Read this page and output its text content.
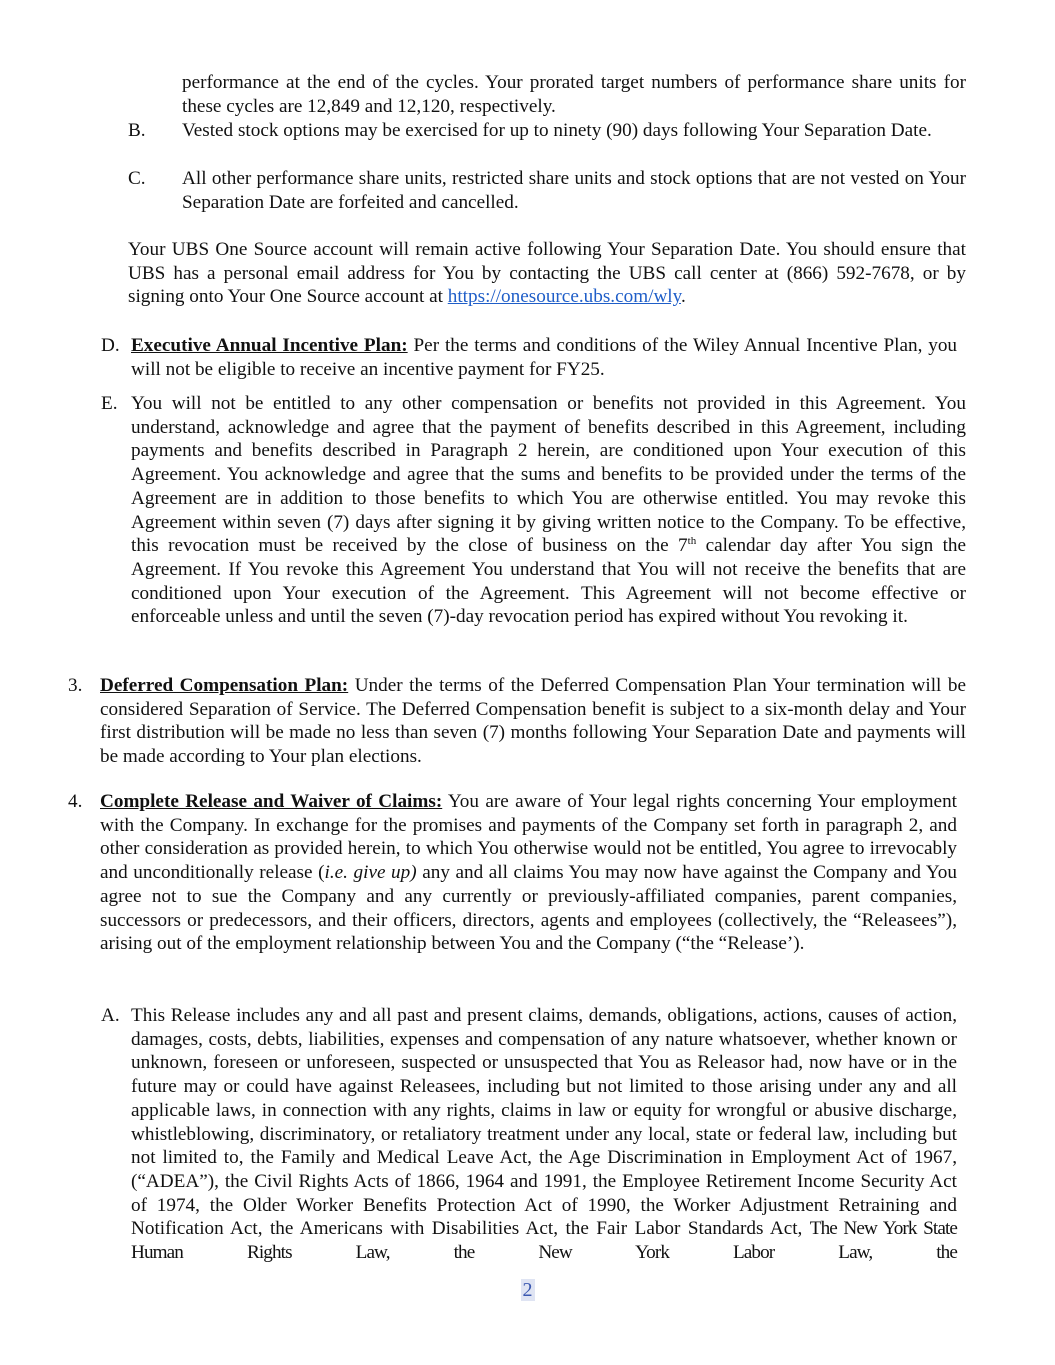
performance at the end of the cycles. Your prorated target numbers of performance share units for these cycles are 12,849 and 12,120, respectively.

B. Vested stock options may be exercised for up to ninety (90) days following Your Separation Date.

C. All other performance share units, restricted share units and stock options that are not vested on Your Separation Date are forfeited and cancelled.

Your UBS One Source account will remain active following Your Separation Date. You should ensure that UBS has a personal email address for You by contacting the UBS call center at (866) 592-7678, or by signing onto Your One Source account at https://onesource.ubs.com/wly.

D. Executive Annual Incentive Plan: Per the terms and conditions of the Wiley Annual Incentive Plan, you will not be eligible to receive an incentive payment for FY25.

E. You will not be entitled to any other compensation or benefits not provided in this Agreement. You understand, acknowledge and agree that the payment of benefits described in this Agreement, including payments and benefits described in Paragraph 2 herein, are conditioned upon Your execution of this Agreement. You acknowledge and agree that the sums and benefits to be provided under the terms of the Agreement are in addition to those benefits to which You are otherwise entitled. You may revoke this Agreement within seven (7) days after signing it by giving written notice to the Company. To be effective, this revocation must be received by the close of business on the 7th calendar day after You sign the Agreement. If You revoke this Agreement You understand that You will not receive the benefits that are conditioned upon Your execution of the Agreement. This Agreement will not become effective or enforceable unless and until the seven (7)-day revocation period has expired without You revoking it.

3. Deferred Compensation Plan: Under the terms of the Deferred Compensation Plan Your termination will be considered Separation of Service. The Deferred Compensation benefit is subject to a six-month delay and Your first distribution will be made no less than seven (7) months following Your Separation Date and payments will be made according to Your plan elections.

4. Complete Release and Waiver of Claims: You are aware of Your legal rights concerning Your employment with the Company. In exchange for the promises and payments of the Company set forth in paragraph 2, and other consideration as provided herein, to which You otherwise would not be entitled, You agree to irrevocably and unconditionally release (i.e. give up) any and all claims You may now have against the Company and You agree not to sue the Company and any currently or previously-affiliated companies, parent companies, successors or predecessors, and their officers, directors, agents and employees (collectively, the “Releasees”), arising out of the employment relationship between You and the Company (“the “Release’).

A. This Release includes any and all past and present claims, demands, obligations, actions, causes of action, damages, costs, debts, liabilities, expenses and compensation of any nature whatsoever, whether known or unknown, foreseen or unforeseen, suspected or unsuspected that You as Releasor had, now have or in the future may or could have against Releasees, including but not limited to those arising under any and all applicable laws, in connection with any rights, claims in law or equity for wrongful or abusive discharge, whistleblowing, discriminatory, or retaliatory treatment under any local, state or federal law, including but not limited to, the Family and Medical Leave Act, the Age Discrimination in Employment Act of 1967, (“ADEA”), the Civil Rights Acts of 1866, 1964 and 1991, the Employee Retirement Income Security Act of 1974, the Older Worker Benefits Protection Act of 1990, the Worker Adjustment Retraining and Notification Act, the Americans with Disabilities Act, the Fair Labor Standards Act, The New York State Human Rights Law, the New York Labor Law, the

2
